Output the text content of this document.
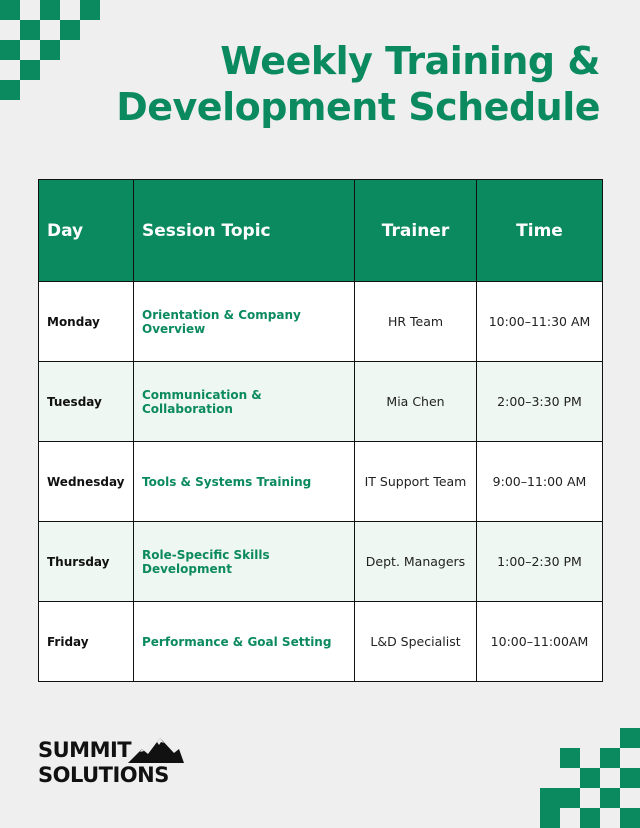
Weekly Training &
Development Schedule
Day	Session Topic	Trainer	Time
Monday	Orientation & Company Overview	HR Team	10:00–11:30 AM
Tuesday	Communication & Collaboration	Mia Chen	2:00–3:30 PM
Wednesday	Tools & Systems Training	IT Support Team	9:00–11:00 AM
Thursday	Role-Specific Skills Development	Dept. Managers	1:00–2:30 PM
Friday	Performance & Goal Setting	L&D Specialist	10:00–11:00AM
SUMMIT
SOLUTIONS
